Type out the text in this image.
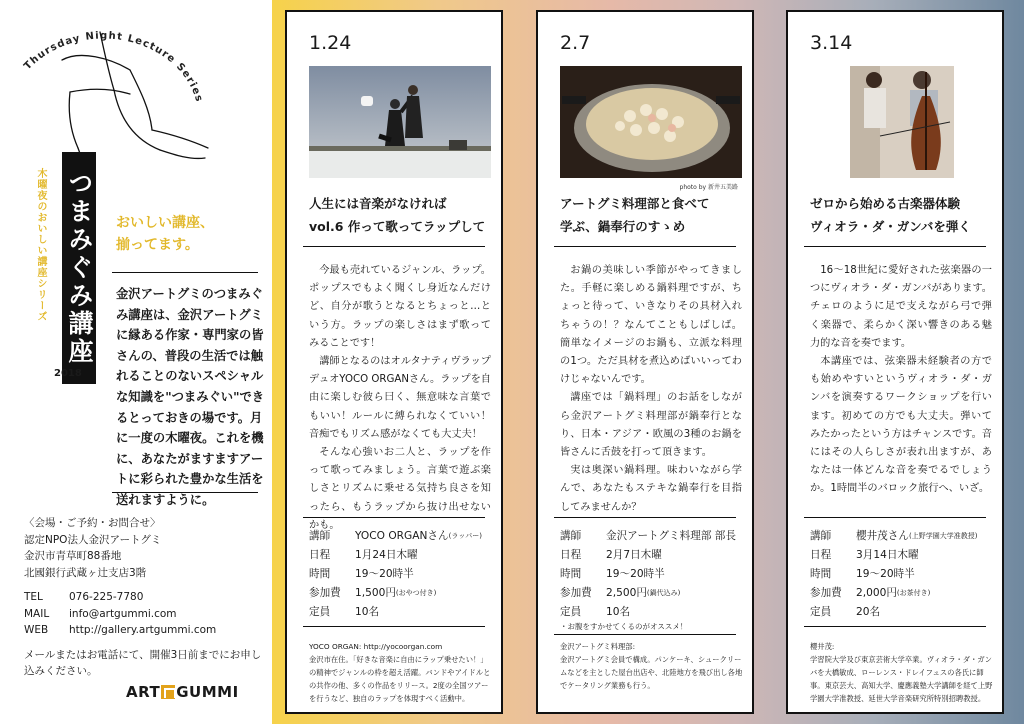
Thursday Night Lecture Series
木曜夜のおいしい講座シリーズ つまみぐみ講座
2018
おいしい講座、
揃ってます。
金沢アートグミのつまみぐみ講座は、金沢アートグミに縁ある作家・専門家の皆さんの、普段の生活では触れることのないスペシャルな知識を"つまみぐい"できるとっておきの場です。月に一度の木曜夜。これを機に、あなたがますますアートに彩られた豊かな生活を送れますように。
〈会場・ご予約・お問合せ〉
認定NPO法人金沢アートグミ
金沢市青草町88番地
北國銀行武蔵ヶ辻支店3階
TEL	076-225-7780
MAIL	info@artgummi.com
WEB	http://gallery.artgummi.com
メールまたはお電話にて、開催3日前までにお申し込みください。
ART GUMMI
1.24
人生には音楽がなければ
vol.6 作って歌ってラップして

今最も売れているジャンル、ラップ。ポップスでもよく聞くし身近なんだけど、自分が歌うとなるとちょっと…という方。ラップの楽しさはまず歌ってみることです！

講師となるのはオルタナティヴラップデュオYOCO ORGANさん。ラップを自由に楽しむ彼ら曰く、無意味な言葉でもいい！ルールに縛られなくていい！音痴でもリズム感がなくても大丈夫！

そんな心強いお二人と、ラップを作って歌ってみましょう。言葉で遊ぶ楽しさとリズムに乗せる気持ち良さを知ったら、もうラップから抜け出せないかも。

講師	YOCO ORGANさん (ラッパー)
日程	1月24日木曜
時間	19〜20時半
参加費	1,500円 (おやつ付き)
定員	10名
YOCO ORGAN: http://yocoorgan.com
金沢市在住。「好きな音楽に自由にラップ乗せたい！」の精神でジャンルの枠を超え活躍。バンドやアイドルとの共作の他、多くの作品をリリース。2度の全国ツアーを行うなど、独自のラップを体現すべく活動中。
2.7
photo by 新井五美路
アートグミ料理部と食べて
学ぶ、鍋奉行のすゝめ

お鍋の美味しい季節がやってきました。手軽に楽しめる鍋料理ですが、ちょっと待って、いきなりその具材入れちゃうの！？なんてこともしばしば。簡単なイメージのお鍋も、立派な料理の1つ。ただ具材を煮込めばいいってわけじゃないんです。

講座では「鍋料理」のお話をしながら金沢アートグミ料理部が鍋奉行となり、日本・アジア・欧風の3種のお鍋を皆さんに舌鼓を打って頂きます。

実は奥深い鍋料理。味わいながら学んで、あなたもステキな鍋奉行を目指してみませんか？

講師	金沢アートグミ料理部 部長
日程	2月7日木曜
時間	19〜20時半
参加費	2,500円 (鍋代込み)
定員	10名
・お腹をすかせてくるのがオススメ！
金沢アートグミ料理部:
金沢アートグミ会員で構成。パンケーキ、シュークリームなどを主とした屋台出店や、北陸地方を飛び出し各地でケータリング業務も行う。
3.14
ゼロから始める古楽器体験
ヴィオラ・ダ・ガンバを弾く

16〜18世紀に愛好された弦楽器の一つにヴィオラ・ダ・ガンバがあります。チェロのように足で支えながら弓で弾く楽器で、柔らかく深い響きのある魅力的な音を奏でます。

本講座では、弦楽器未経験者の方でも始めやすいというヴィオラ・ダ・ガンバを演奏するワークショップを行います。初めての方でも大丈夫。弾いてみたかったという方はチャンスです。音にはその人らしさが表れ出ますが、あなたは一体どんな音を奏でるでしょうか。1時間半のバロック旅行へ、いざ。

講師	櫻井茂さん (上野学園大学准教授)
日程	3月14日木曜
時間	19〜20時半
参加費	2,000円 (お茶付き)
定員	20名
櫻井茂:
学習院大学及び東京芸術大学卒業。ヴィオラ・ダ・ガンバを大橋敏成、ローレンス・ドレイフュスの各氏に師事。東京芸大、高知大学、慶應義塾大学講師を経て上野学園大学准教授、延世大学音楽研究所特別招聘教授。
